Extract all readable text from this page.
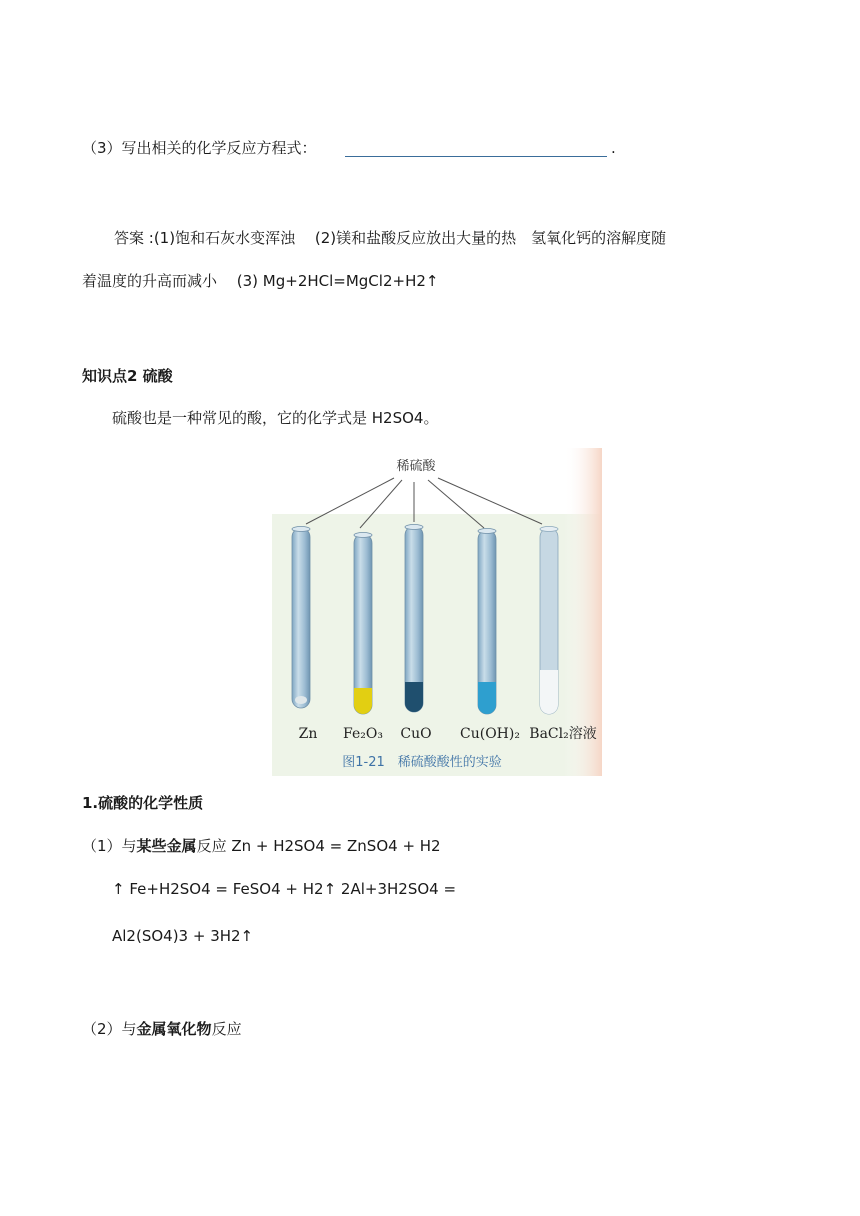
（3）写出相关的化学反应方程式：	.
答案 :(1)饱和石灰水变浑浊　 (2)镁和盐酸反应放出大量的热　氢氧化钙的溶解度随
着温度的升高而减小　 (3) Mg+2HCl=MgCl2+H2↑
知识点2 硫酸
硫酸也是一种常见的酸，它的化学式是 H2SO4。
稀硫酸
Zn Fe₂O₃ CuO Cu(OH)₂ BaCl₂溶液
图1-21　稀硫酸酸性的实验
1.硫酸的化学性质
（1）与某些金属反应 Zn + H2SO4 = ZnSO4 + H2
↑ Fe+H2SO4 = FeSO4 + H2↑ 2Al+3H2SO4 =
Al2(SO4)3 + 3H2↑
（2）与金属氧化物反应
